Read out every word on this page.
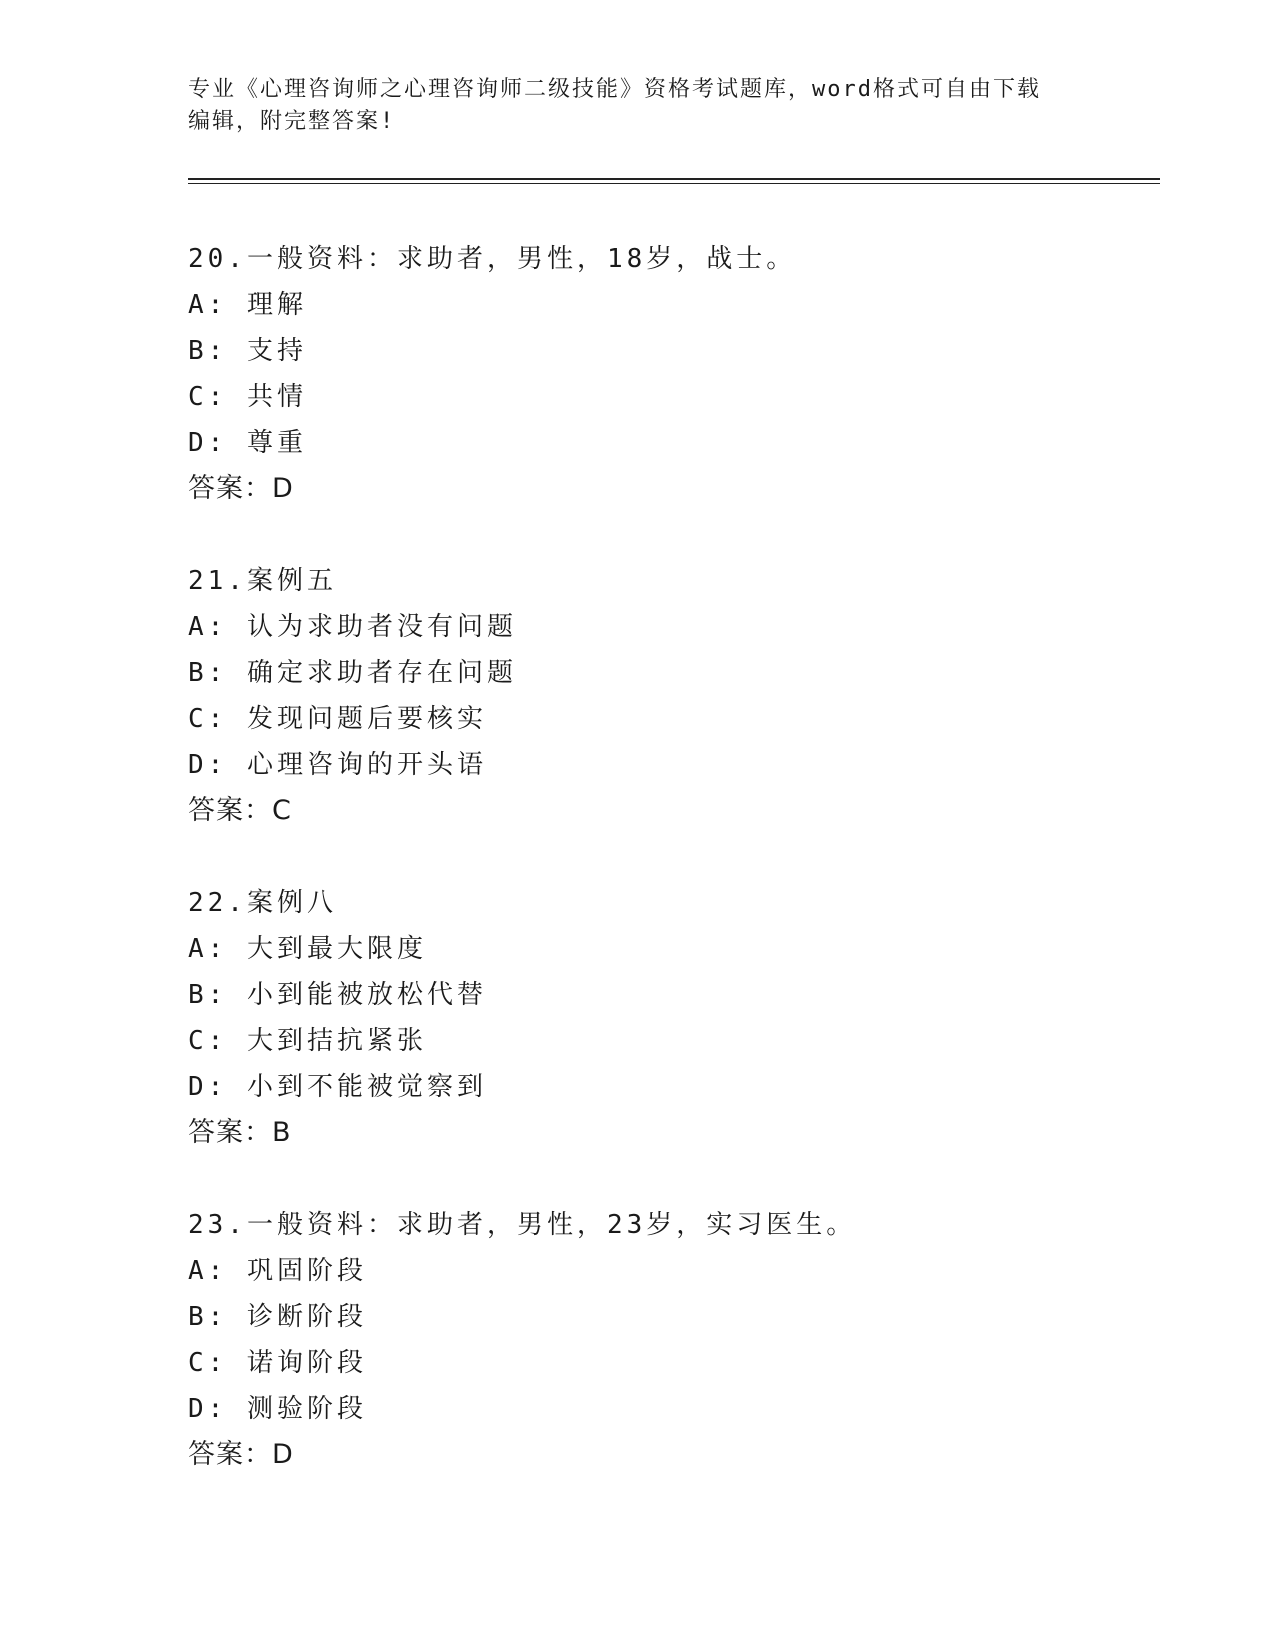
专业《心理咨询师之心理咨询师二级技能》资格考试题库，word格式可自由下载
编辑，附完整答案!
20.一般资料：求助者，男性，18岁，战士。
A: 理解
B: 支持
C: 共情
D: 尊重
答案：D
21.案例五
A: 认为求助者没有问题
B: 确定求助者存在问题
C: 发现问题后要核实
D: 心理咨询的开头语
答案：C
22.案例八
A: 大到最大限度
B: 小到能被放松代替
C: 大到拮抗紧张
D: 小到不能被觉察到
答案：B
23.一般资料：求助者，男性，23岁，实习医生。
A: 巩固阶段
B: 诊断阶段
C: 诺询阶段
D: 测验阶段
答案：D
